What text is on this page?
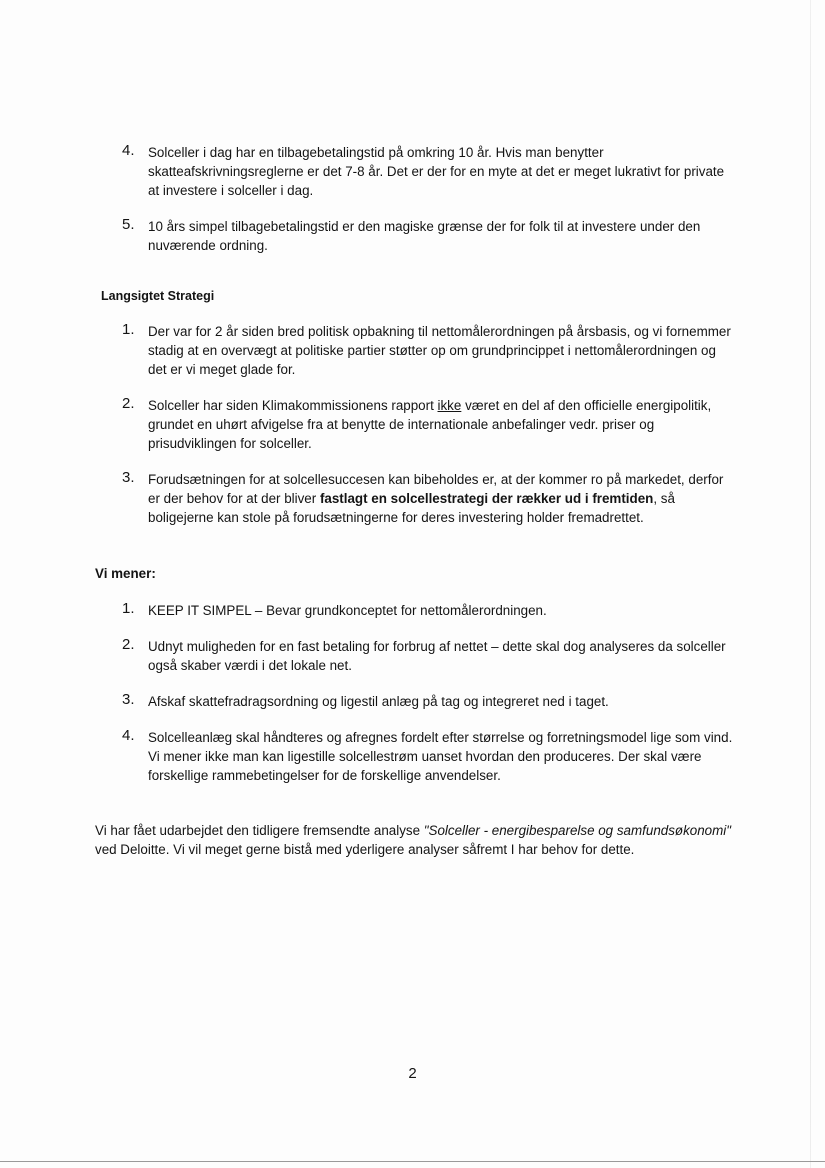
4. Solceller i dag har en tilbagebetalingstid på omkring 10 år. Hvis man benytter skatteafskrivningsreglerne er det 7-8 år. Det er der for en myte at det er meget lukrativt for private at investere i solceller i dag.
5. 10 års simpel tilbagebetalingstid er den magiske grænse der for folk til at investere under den nuværende ordning.
Langsigtet Strategi
1. Der var for 2 år siden bred politisk opbakning til nettomålerordningen på årsbasis, og vi fornemmer stadig at en overvægt at politiske partier støtter op om grundprincippet i nettomålerordningen og det er vi meget glade for.
2. Solceller har siden Klimakommissionens rapport ikke været en del af den officielle energipolitik, grundet en uhørt afvigelse fra at benytte de internationale anbefalinger vedr. priser og prisudviklingen for solceller.
3. Forudsætningen for at solcellesuccesen kan bibeholdes er, at der kommer ro på markedet, derfor er der behov for at der bliver fastlagt en solcellestrategi der rækker ud i fremtiden, så boligejerne kan stole på forudsætningerne for deres investering holder fremadrettet.
Vi mener:
1. KEEP IT SIMPEL – Bevar grundkonceptet for nettomålerordningen.
2. Udnyt muligheden for en fast betaling for forbrug af nettet – dette skal dog analyseres da solceller også skaber værdi i det lokale net.
3. Afskaf skattefradragsordning og ligestil anlæg på tag og integreret ned i taget.
4. Solcelleanlæg skal håndteres og afregnes fordelt efter størrelse og forretningsmodel lige som vind. Vi mener ikke man kan ligestille solcellestrøm uanset hvordan den produceres. Der skal være forskellige rammebetingelser for de forskellige anvendelser.

Vi har fået udarbejdet den tidligere fremsendte analyse "Solceller - energibesparelse og samfundsøkonomi" ved Deloitte. Vi vil meget gerne bistå med yderligere analyser såfremt I har behov for dette.

2
